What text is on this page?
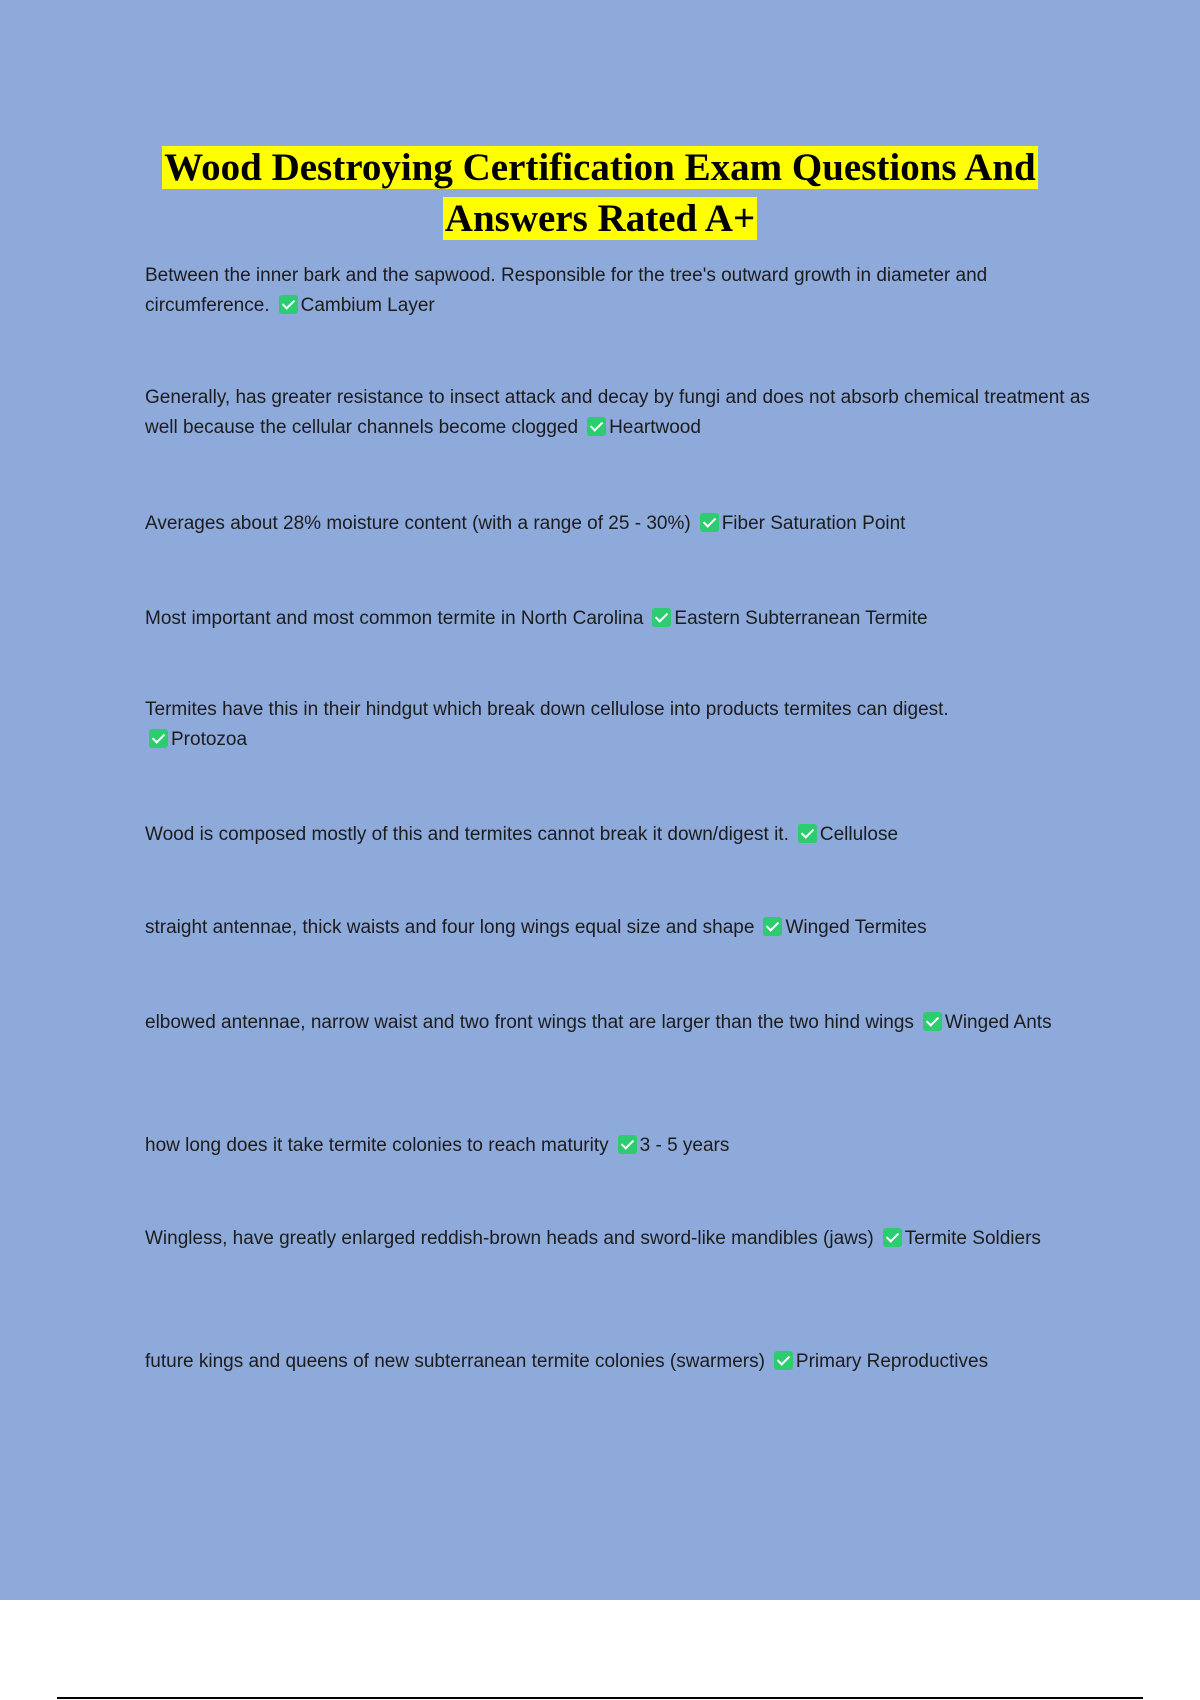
Wood Destroying Certification Exam Questions And
Answers Rated A+
Between the inner bark and the sapwood. Responsible for the tree's outward growth in diameter and circumference. Cambium Layer
Generally, has greater resistance to insect attack and decay by fungi and does not absorb chemical treatment as well because the cellular channels become clogged Heartwood
Averages about 28% moisture content (with a range of 25 - 30%) Fiber Saturation Point
Most important and most common termite in North Carolina Eastern Subterranean Termite
Termites have this in their hindgut which break down cellulose into products termites can digest.
Protozoa
Wood is composed mostly of this and termites cannot break it down/digest it. Cellulose
straight antennae, thick waists and four long wings equal size and shape Winged Termites
elbowed antennae, narrow waist and two front wings that are larger than the two hind wings Winged Ants
how long does it take termite colonies to reach maturity 3 - 5 years
Wingless, have greatly enlarged reddish-brown heads and sword-like mandibles (jaws) Termite Soldiers
future kings and queens of new subterranean termite colonies (swarmers) Primary Reproductives
